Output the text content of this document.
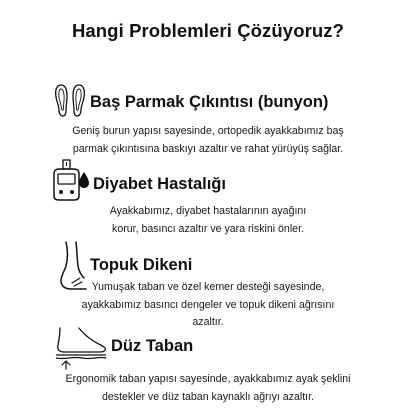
Hangi Problemleri Çözüyoruz?
Baş Parmak Çıkıntısı (bunyon)

Geniş burun yapısı sayesinde, ortopedik ayakkabımız baş
parmak çıkıntısına baskıyı azaltır ve rahat yürüyüş sağlar.

Diyabet Hastalığı

Ayakkabımız, diyabet hastalarının ayağını
korur, basıncı azaltır ve yara riskini önler.

Topuk Dikeni

Yumuşak taban ve özel kemer desteği sayesinde,
ayakkabımız basıncı dengeler ve topuk dikeni ağrısını
azaltır.

Düz Taban

Ergonomik taban yapısı sayesinde, ayakkabımız ayak şeklini
destekler ve düz taban kaynaklı ağrıyı azaltır.
